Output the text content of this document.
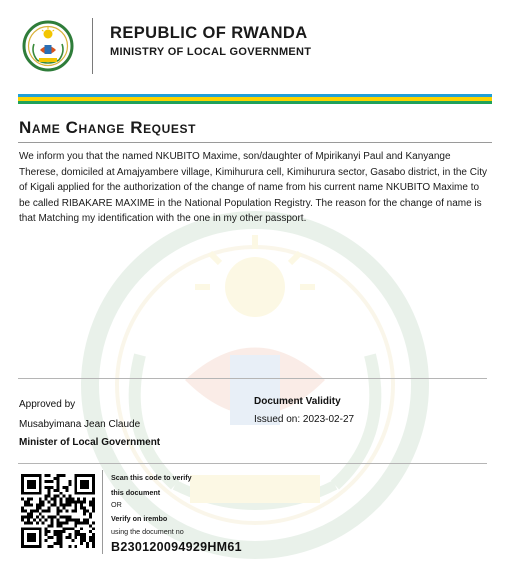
REPUBLIC OF RWANDA
MINISTRY OF LOCAL GOVERNMENT
Name Change Request
We inform you that the named NKUBITO Maxime, son/daughter of Mpirikanyi Paul and Kanyange Therese, domiciled at Amajyambere village, Kimihurura cell, Kimihurura sector, Gasabo district, in the City of Kigali applied for the authorization of the change of name from his current name NKUBITO Maxime to be called RIBAKARE MAXIME in the National Population Registry. The reason for the change of name is that Matching my identification with the one in my other passport.
Approved by
Musabyimana Jean Claude
Minister of Local Government
Document Validity
Issued on: 2023-02-27
Scan this code to verify
this document
OR
Verify on irembo
using the document no
B230120094929HM61
